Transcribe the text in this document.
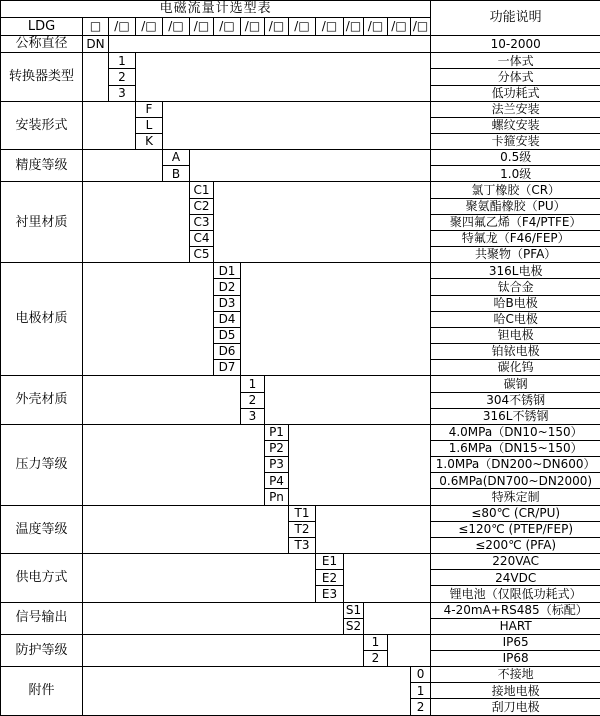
电磁流量计选型表															功能说明
LDG	□	/□	/□	/□	/□	/□	/□	/□	/□	/□	/□	/□	/□	/□	
公称直径	DN														10-2000
转换器类型		1													一体式
		2													分体式
		3													低功耗式
安装形式			F												法兰安装
			L												螺纹安装
			K												卡箍安装
精度等级				A											0.5级
				B											1.0级
衬里材质					C1										氯丁橡胶（CR）
					C2										聚氨酯橡胶（PU）
					C3										聚四氟乙烯（F4/PTFE）
					C4										特氟龙（F46/FEP）
					C5										共聚物（PFA）
电极材质						D1									316L电极
						D2									钛合金
						D3									哈B电极
						D4									哈C电极
						D5									钽电极
						D6									铂铱电极
						D7									碳化钨
外壳材质							1								碳钢
							2								304不锈钢
							3								316L不锈钢
压力等级								P1							4.0MPa（DN10~150）
								P2							1.6MPa（DN15~150）
								P3							1.0MPa（DN200~DN600）
								P4							0.6MPa(DN700~DN2000)
								Pn							特殊定制
温度等级									T1						≤80℃ (CR/PU)
									T2						≤120℃ (PTEP/FEP)
									T3						≤200℃ (PFA)
供电方式										E1					220VAC
										E2					24VDC
										E3					锂电池（仅限低功耗式）
信号输出											S1				4-20mA+RS485（标配）
											S2				HART
防护等级												1			IP65
												2			IP68
附件														0	不接地
														1	接地电极
														2	刮刀电极
